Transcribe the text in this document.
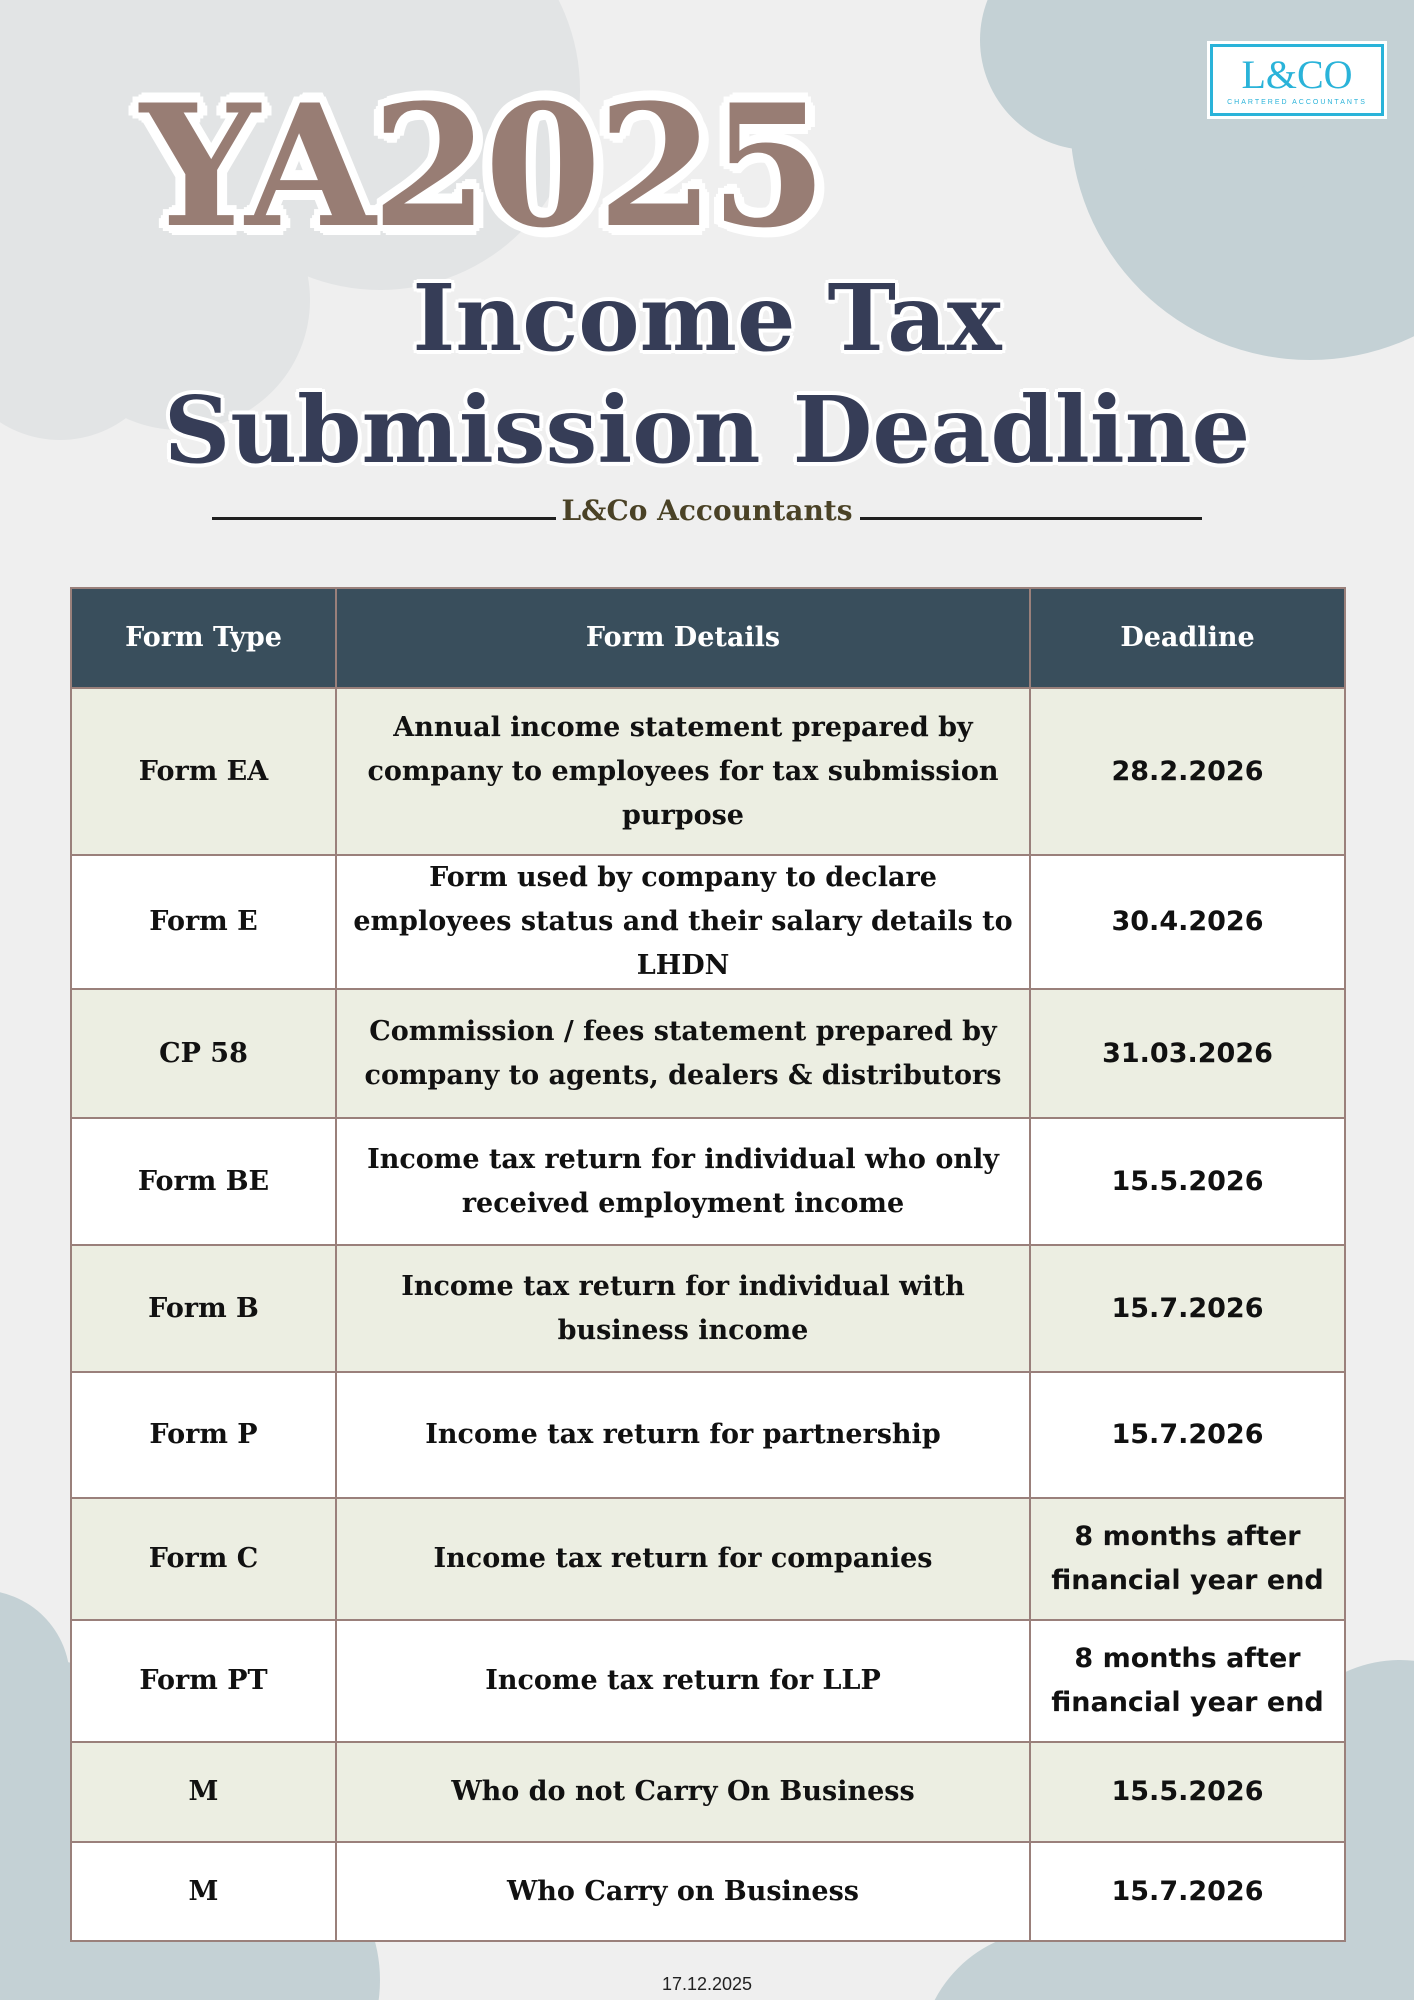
YA2025	L&CO
CHARTERED ACCOUNTANTS
Income Tax
Submission Deadline
L&Co Accountants
Form Type	Form Details	Deadline
Form EA	Annual income statement prepared by company to employees for tax submission purpose	28.2.2026
Form E	Form used by company to declare employees status and their salary details to LHDN	30.4.2026
CP 58	Commission / fees statement prepared by company to agents, dealers & distributors	31.03.2026
Form BE	Income tax return for individual who only received employment income	15.5.2026
Form B	Income tax return for individual with business income	15.7.2026
Form P	Income tax return for partnership	15.7.2026
Form C	Income tax return for companies	8 months after financial year end
Form PT	Income tax return for LLP	8 months after financial year end
M	Who do not Carry On Business	15.5.2026
M	Who Carry on Business	15.7.2026
17.12.2025
